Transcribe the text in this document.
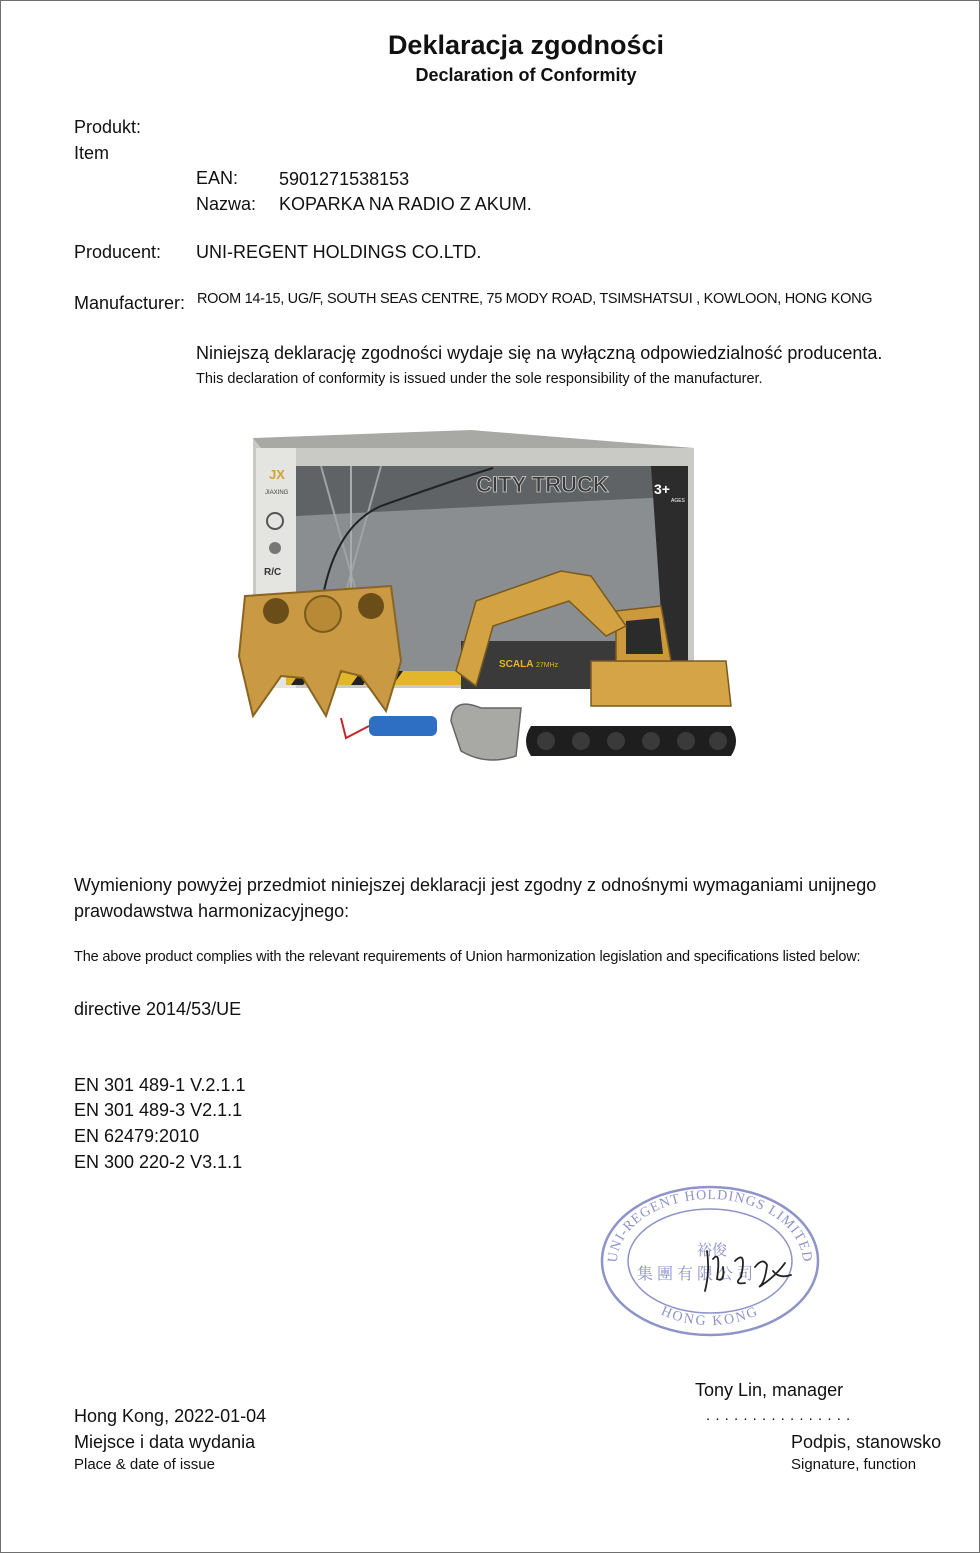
Deklaracja zgodności
Declaration of Conformity
Produkt:
Item
EAN: 5901271538153
Nazwa: KOPARKA NA RADIO Z AKUM.
Producent: UNI-REGENT HOLDINGS CO.LTD.
Manufacturer: ROOM 14-15, UG/F, SOUTH SEAS CENTRE, 75 MODY ROAD, TSIMSHATSUI , KOWLOON, HONG KONG
Niniejszą deklarację zgodności wydaje się na wyłączną odpowiedzialność producenta.
This declaration of conformity is issued under the sole responsibility of the manufacturer.
JX
JIAXING
R/C
CITY TRUCK	3+
AGES
SCALA 27MHz
Wymieniony powyżej przedmiot niniejszej deklaracji jest zgodny z odnośnymi wymaganiami unijnego
prawodawstwa harmonizacyjnego:
The above product complies with the relevant requirements of Union harmonization legislation and specifications listed below:
directive 2014/53/UE
EN 301 489-1 V.2.1.1
EN 301 489-3 V2.1.1
EN 62479:2010
EN 300 220-2 V3.1.1
UNI-REGENT HOLDINGS LIMITED
HONG KONG
裕俊
集團有限公司
Tony Lin, manager
. . . . . . . . . . . . . . . .
Podpis, stanowsko
Signature, function
Hong Kong, 2022-01-04
Miejsce i data wydania
Place & date of issue
